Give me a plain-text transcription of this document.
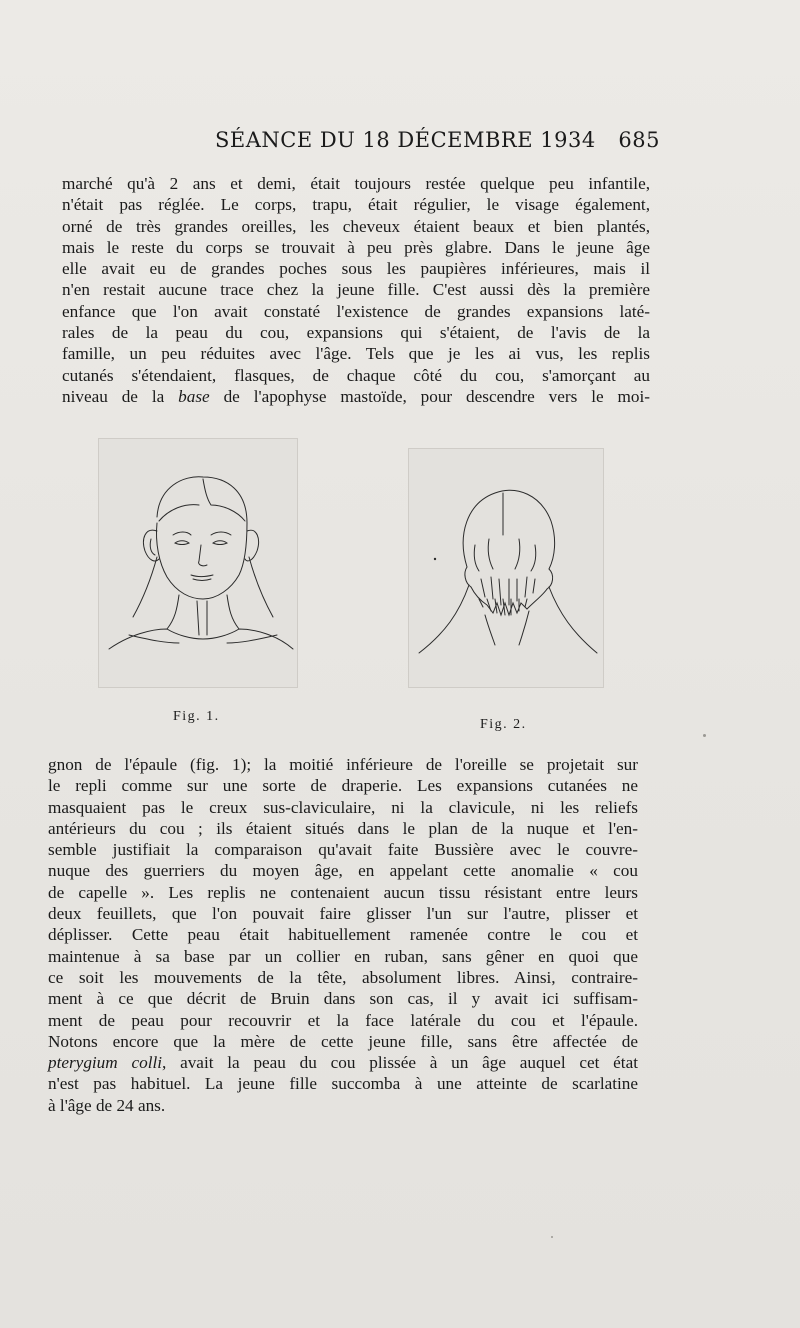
SÉANCE DU 18 DÉCEMBRE 1934 685
marché qu'à 2 ans et demi, était toujours restée quelque peu infantile,
n'était pas réglée. Le corps, trapu, était régulier, le visage également,
orné de très grandes oreilles, les cheveux étaient beaux et bien plantés,
mais le reste du corps se trouvait à peu près glabre. Dans le jeune âge
elle avait eu de grandes poches sous les paupières inférieures, mais il
n'en restait aucune trace chez la jeune fille. C'est aussi dès la première
enfance que l'on avait constaté l'existence de grandes expansions laté-
rales de la peau du cou, expansions qui s'étaient, de l'avis de la
famille, un peu réduites avec l'âge. Tels que je les ai vus, les replis
cutanés s'étendaient, flasques, de chaque côté du cou, s'amorçant au
niveau de la base de l'apophyse mastoïde, pour descendre vers le moi-
Fig. 1.
Fig. 2.
gnon de l'épaule (fig. 1); la moitié inférieure de l'oreille se projetait sur
le repli comme sur une sorte de draperie. Les expansions cutanées ne
masquaient pas le creux sus-claviculaire, ni la clavicule, ni les reliefs
antérieurs du cou ; ils étaient situés dans le plan de la nuque et l'en-
semble justifiait la comparaison qu'avait faite Bussière avec le couvre-
nuque des guerriers du moyen âge, en appelant cette anomalie « cou
de capelle ». Les replis ne contenaient aucun tissu résistant entre leurs
deux feuillets, que l'on pouvait faire glisser l'un sur l'autre, plisser et
déplisser. Cette peau était habituellement ramenée contre le cou et
maintenue à sa base par un collier en ruban, sans gêner en quoi que
ce soit les mouvements de la tête, absolument libres. Ainsi, contraire-
ment à ce que décrit de Bruin dans son cas, il y avait ici suffisam-
ment de peau pour recouvrir et la face latérale du cou et l'épaule.
Notons encore que la mère de cette jeune fille, sans être affectée de
pterygium colli, avait la peau du cou plissée à un âge auquel cet état
n'est pas habituel. La jeune fille succomba à une atteinte de scarlatine
à l'âge de 24 ans.
